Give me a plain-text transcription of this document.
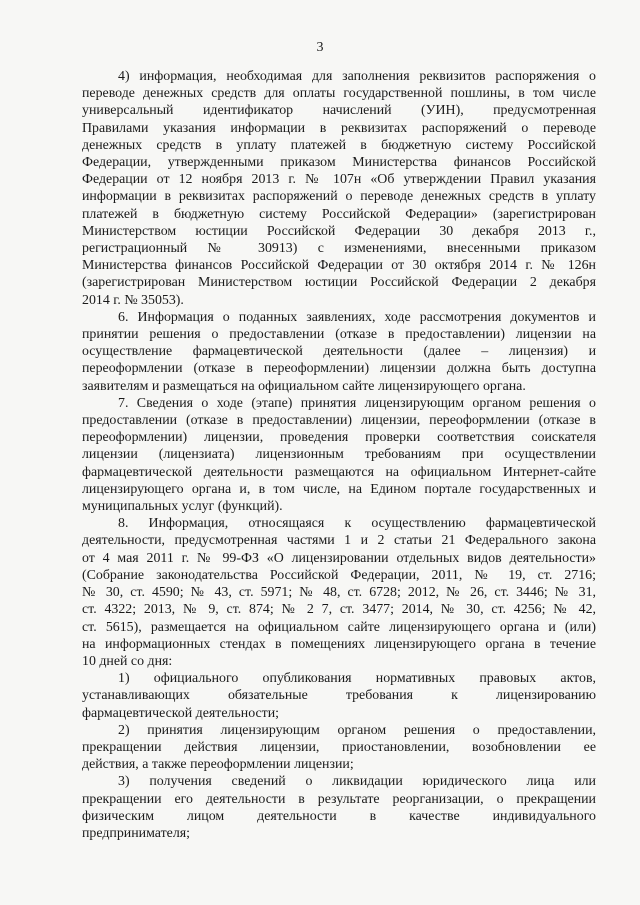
3
4) информация, необходимая для заполнения реквизитов распоряжения о
переводе денежных средств для оплаты государственной пошлины, в том числе
универсальный идентификатор начислений (УИН), предусмотренная
Правилами указания информации в реквизитах распоряжений о переводе
денежных средств в уплату платежей в бюджетную систему Российской
Федерации, утвержденными приказом Министерства финансов Российской
Федерации от 12 ноября 2013 г. № 107н «Об утверждении Правил указания
информации в реквизитах распоряжений о переводе денежных средств в уплату
платежей в бюджетную систему Российской Федерации» (зарегистрирован
Министерством юстиции Российской Федерации 30 декабря 2013 г.,
регистрационный № 30913) с изменениями, внесенными приказом
Министерства финансов Российской Федерации от 30 октября 2014 г. № 126н
(зарегистрирован Министерством юстиции Российской Федерации 2 декабря
2014 г. № 35053).
6. Информация о поданных заявлениях, ходе рассмотрения документов и
принятии решения о предоставлении (отказе в предоставлении) лицензии на
осуществление фармацевтической деятельности (далее – лицензия) и
переоформлении (отказе в переоформлении) лицензии должна быть доступна
заявителям и размещаться на официальном сайте лицензирующего органа.
7. Сведения о ходе (этапе) принятия лицензирующим органом решения о
предоставлении (отказе в предоставлении) лицензии, переоформлении (отказе в
переоформлении) лицензии, проведения проверки соответствия соискателя
лицензии (лицензиата) лицензионным требованиям при осуществлении
фармацевтической деятельности размещаются на официальном Интернет-сайте
лицензирующего органа и, в том числе, на Едином портале государственных и
муниципальных услуг (функций).
8. Информация, относящаяся к осуществлению фармацевтической
деятельности, предусмотренная частями 1 и 2 статьи 21 Федерального закона
от 4 мая 2011 г. № 99-ФЗ «О лицензировании отдельных видов деятельности»
(Собрание законодательства Российской Федерации, 2011, № 19, ст. 2716;
№ 30, ст. 4590; № 43, ст. 5971; № 48, ст. 6728; 2012, № 26, ст. 3446; № 31,
ст. 4322; 2013, № 9, ст. 874; № 2 7, ст. 3477; 2014, № 30, ст. 4256; № 42,
ст. 5615), размещается на официальном сайте лицензирующего органа и (или)
на информационных стендах в помещениях лицензирующего органа в течение
10 дней со дня:
1) официального опубликования нормативных правовых актов,
устанавливающих обязательные требования к лицензированию
фармацевтической деятельности;
2) принятия лицензирующим органом решения о предоставлении,
прекращении действия лицензии, приостановлении, возобновлении ее
действия, а также переоформлении лицензии;
3) получения сведений о ликвидации юридического лица или
прекращении его деятельности в результате реорганизации, о прекращении
физическим лицом деятельности в качестве индивидуального
предпринимателя;
